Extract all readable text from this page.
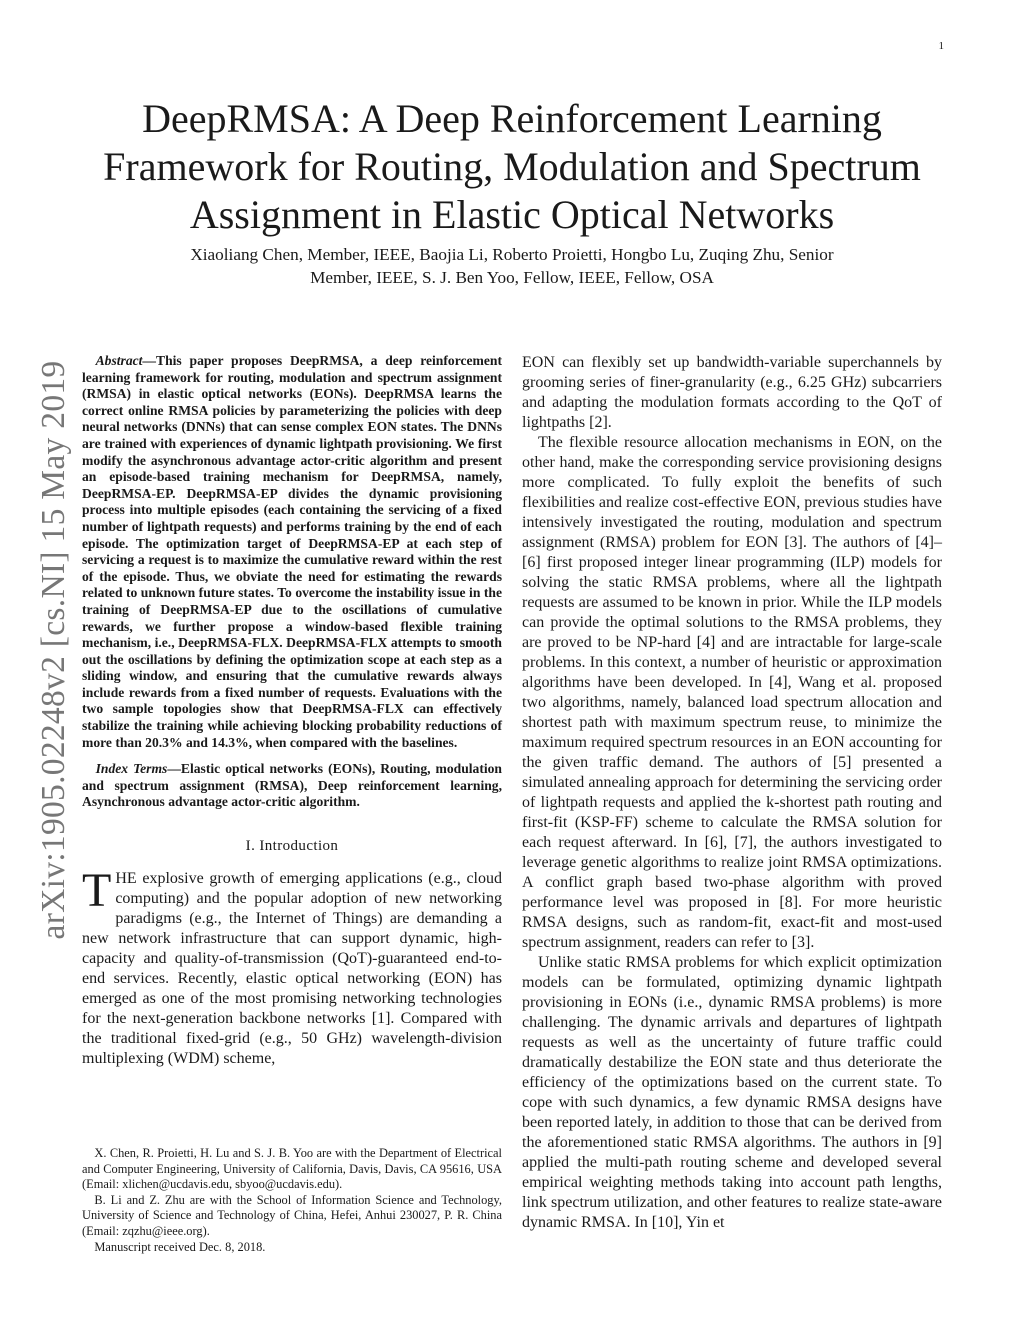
1
arXiv:1905.02248v2 [cs.NI] 15 May 2019
DeepRMSA: A Deep Reinforcement Learning
Framework for Routing, Modulation and Spectrum
Assignment in Elastic Optical Networks
Xiaoliang Chen, Member, IEEE, Baojia Li, Roberto Proietti, Hongbo Lu, Zuqing Zhu, Senior
Member, IEEE, S. J. Ben Yoo, Fellow, IEEE, Fellow, OSA

Abstract—This paper proposes DeepRMSA, a deep reinforcement learning framework for routing, modulation and spectrum assignment (RMSA) in elastic optical networks (EONs). DeepRMSA learns the correct online RMSA policies by parameterizing the policies with deep neural networks (DNNs) that can sense complex EON states. The DNNs are trained with experiences of dynamic lightpath provisioning. We first modify the asynchronous advantage actor-critic algorithm and present an episode-based training mechanism for DeepRMSA, namely, DeepRMSA-EP. DeepRMSA-EP divides the dynamic provisioning process into multiple episodes (each containing the servicing of a fixed number of lightpath requests) and performs training by the end of each episode. The optimization target of DeepRMSA-EP at each step of servicing a request is to maximize the cumulative reward within the rest of the episode. Thus, we obviate the need for estimating the rewards related to unknown future states. To overcome the instability issue in the training of DeepRMSA-EP due to the oscillations of cumulative rewards, we further propose a window-based flexible training mechanism, i.e., DeepRMSA-FLX. DeepRMSA-FLX attempts to smooth out the oscillations by defining the optimization scope at each step as a sliding window, and ensuring that the cumulative rewards always include rewards from a fixed number of requests. Evaluations with the two sample topologies show that DeepRMSA-FLX can effectively stabilize the training while achieving blocking probability reductions of more than 20.3% and 14.3%, when compared with the baselines.

Index Terms—Elastic optical networks (EONs), Routing, modulation and spectrum assignment (RMSA), Deep reinforcement learning, Asynchronous advantage actor-critic algorithm.

I. Introduction

THE explosive growth of emerging applications (e.g., cloud computing) and the popular adoption of new networking paradigms (e.g., the Internet of Things) are demanding a new network infrastructure that can support dynamic, high-capacity and quality-of-transmission (QoT)-guaranteed end-to-end services. Recently, elastic optical networking (EON) has emerged as one of the most promising networking technologies for the next-generation backbone networks [1]. Compared with the traditional fixed-grid (e.g., 50 GHz) wavelength-division multiplexing (WDM) scheme,

X. Chen, R. Proietti, H. Lu and S. J. B. Yoo are with the Department of Electrical and Computer Engineering, University of California, Davis, Davis, CA 95616, USA (Email: xlichen@ucdavis.edu, sbyoo@ucdavis.edu).

B. Li and Z. Zhu are with the School of Information Science and Technology, University of Science and Technology of China, Hefei, Anhui 230027, P. R. China (Email: zqzhu@ieee.org).

Manuscript received Dec. 8, 2018.

EON can flexibly set up bandwidth-variable superchannels by grooming series of finer-granularity (e.g., 6.25 GHz) subcarriers and adapting the modulation formats according to the QoT of lightpaths [2].

The flexible resource allocation mechanisms in EON, on the other hand, make the corresponding service provisioning designs more complicated. To fully exploit the benefits of such flexibilities and realize cost-effective EON, previous studies have intensively investigated the routing, modulation and spectrum assignment (RMSA) problem for EON [3]. The authors of [4]–[6] first proposed integer linear programming (ILP) models for solving the static RMSA problems, where all the lightpath requests are assumed to be known in prior. While the ILP models can provide the optimal solutions to the RMSA problems, they are proved to be NP-hard [4] and are intractable for large-scale problems. In this context, a number of heuristic or approximation algorithms have been developed. In [4], Wang et al. proposed two algorithms, namely, balanced load spectrum allocation and shortest path with maximum spectrum reuse, to minimize the maximum required spectrum resources in an EON accounting for the given traffic demand. The authors of [5] presented a simulated annealing approach for determining the servicing order of lightpath requests and applied the k-shortest path routing and first-fit (KSP-FF) scheme to calculate the RMSA solution for each request afterward. In [6], [7], the authors investigated to leverage genetic algorithms to realize joint RMSA optimizations. A conflict graph based two-phase algorithm with proved performance level was proposed in [8]. For more heuristic RMSA designs, such as random-fit, exact-fit and most-used spectrum assignment, readers can refer to [3].

Unlike static RMSA problems for which explicit optimization models can be formulated, optimizing dynamic lightpath provisioning in EONs (i.e., dynamic RMSA problems) is more challenging. The dynamic arrivals and departures of lightpath requests as well as the uncertainty of future traffic could dramatically destabilize the EON state and thus deteriorate the efficiency of the optimizations based on the current state. To cope with such dynamics, a few dynamic RMSA designs have been reported lately, in addition to those that can be derived from the aforementioned static RMSA algorithms. The authors in [9] applied the multi-path routing scheme and developed several empirical weighting methods taking into account path lengths, link spectrum utilization, and other features to realize state-aware dynamic RMSA. In [10], Yin et
